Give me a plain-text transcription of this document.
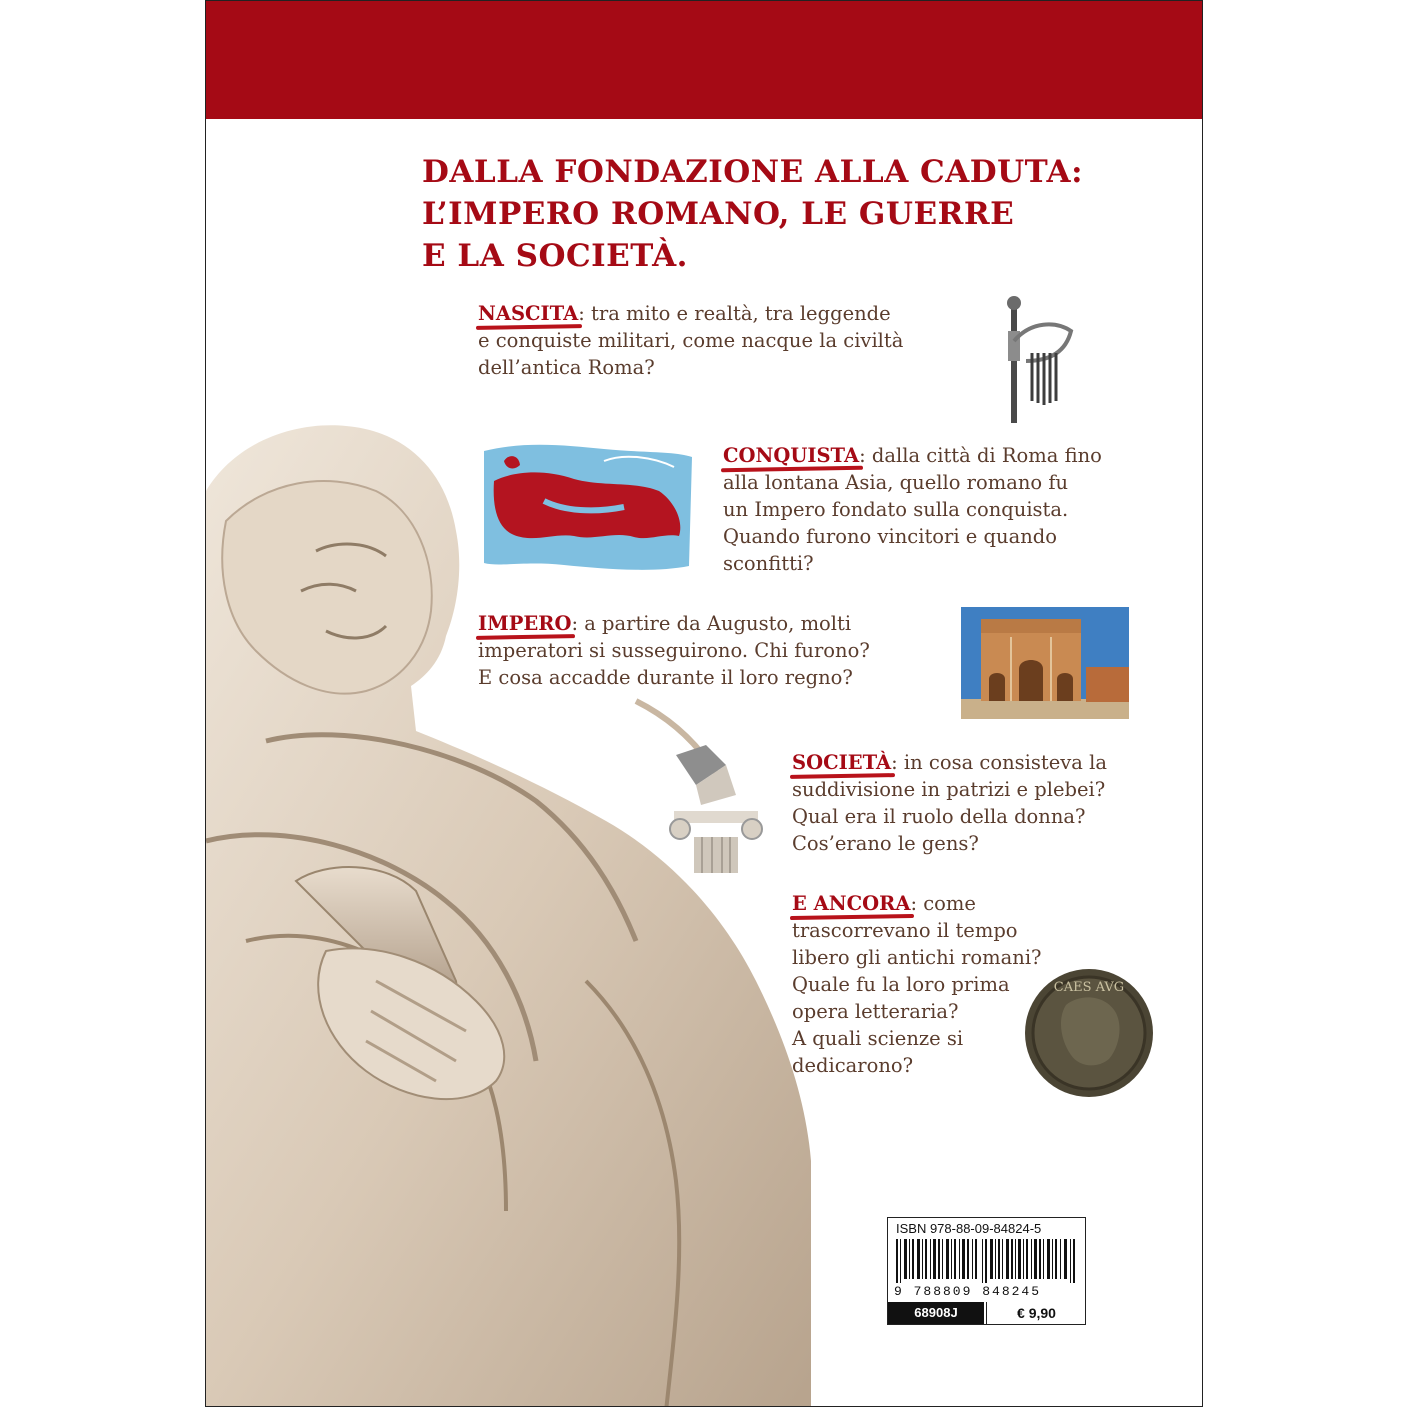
DALLA FONDAZIONE ALLA CADUTA:
L’IMPERO ROMANO, LE GUERRE
E LA SOCIETÀ.
NASCITA: tra mito e realtà, tra leggende
e conquiste militari, come nacque la civiltà
dell’antica Roma?
CONQUISTA: dalla città di Roma fino
alla lontana Asia, quello romano fu
un Impero fondato sulla conquista.
Quando furono vincitori e quando
sconfitti?
IMPERO: a partire da Augusto, molti
imperatori si susseguirono. Chi furono?
E cosa accadde durante il loro regno?
SOCIETÀ: in cosa consisteva la
suddivisione in patrizi e plebei?
Qual era il ruolo della donna?
Cos’erano le gens?
E ANCORA: come
trascorrevano il tempo
libero gli antichi romani?
Quale fu la loro prima
opera letteraria?
A quali scienze si
dedicarono?
CAES AVG
ISBN 978-88-09-84824-5
9 788809 848245
68908J	€ 9,90
